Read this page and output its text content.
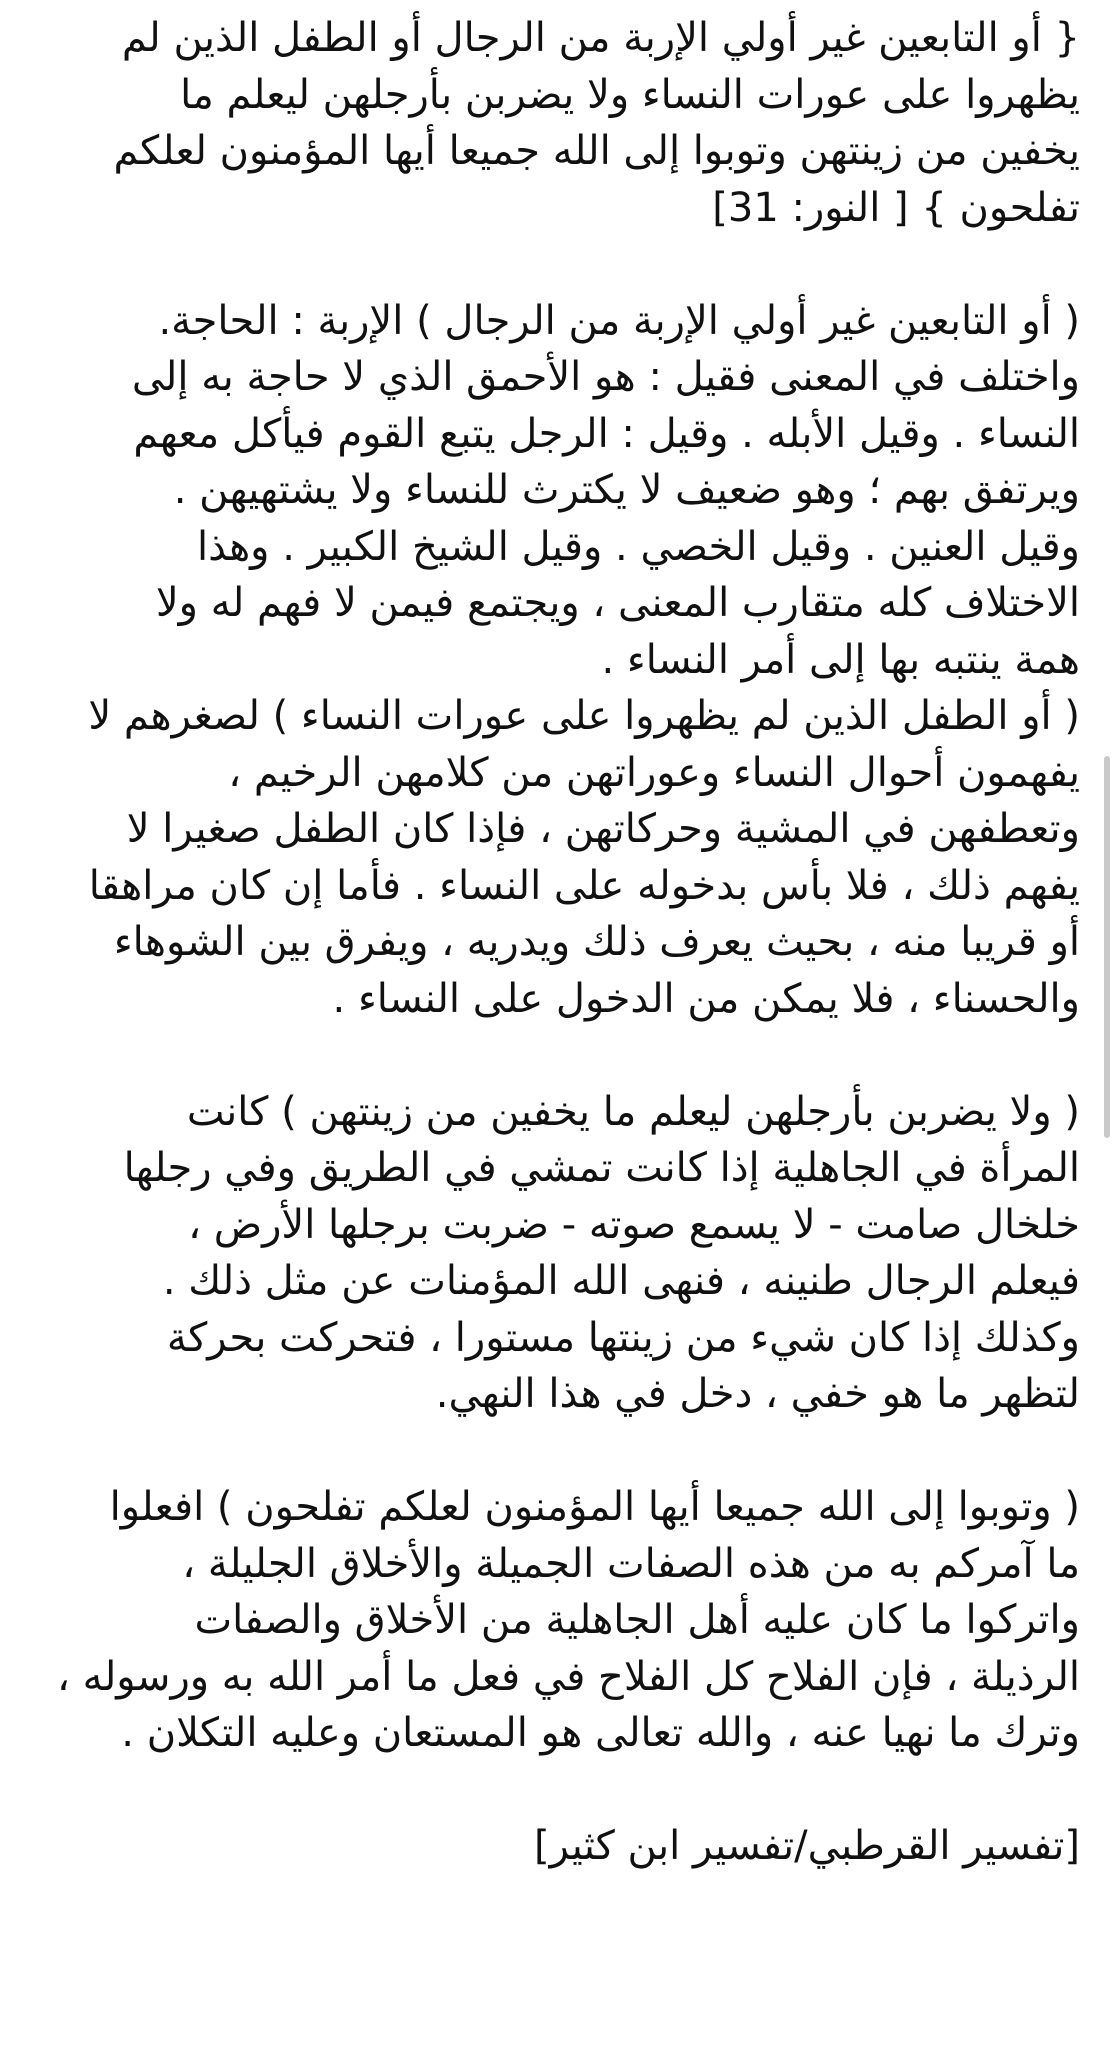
{ أو التابعين غير أولي الإربة من الرجال أو الطفل الذين لم
يظهروا على عورات النساء ولا يضربن بأرجلهن ليعلم ما
يخفين من زينتهن وتوبوا إلى الله جميعا أيها المؤمنون لعلكم
تفلحون } [ النور: 31]
( أو التابعين غير أولي الإربة من الرجال ) الإربة : الحاجة.
واختلف في المعنى فقيل : هو الأحمق الذي لا حاجة به إلى
النساء . وقيل الأبله . وقيل : الرجل يتبع القوم فيأكل معهم
ويرتفق بهم ؛ وهو ضعيف لا يكترث للنساء ولا يشتهيهن .
وقيل العنين . وقيل الخصي . وقيل الشيخ الكبير . وهذا
الاختلاف كله متقارب المعنى ، ويجتمع فيمن لا فهم له ولا
همة ينتبه بها إلى أمر النساء .
( أو الطفل الذين لم يظهروا على عورات النساء ) لصغرهم لا
يفهمون أحوال النساء وعوراتهن من كلامهن الرخيم ،
وتعطفهن في المشية وحركاتهن ، فإذا كان الطفل صغيرا لا
يفهم ذلك ، فلا بأس بدخوله على النساء . فأما إن كان مراهقا
أو قريبا منه ، بحيث يعرف ذلك ويدريه ، ويفرق بين الشوهاء
والحسناء ، فلا يمكن من الدخول على النساء .
( ولا يضربن بأرجلهن ليعلم ما يخفين من زينتهن ) كانت
المرأة في الجاهلية إذا كانت تمشي في الطريق وفي رجلها
خلخال صامت - لا يسمع صوته - ضربت برجلها الأرض ،
فيعلم الرجال طنينه ، فنهى الله المؤمنات عن مثل ذلك .
وكذلك إذا كان شيء من زينتها مستورا ، فتحركت بحركة
لتظهر ما هو خفي ، دخل في هذا النهي.
( وتوبوا إلى الله جميعا أيها المؤمنون لعلكم تفلحون ) افعلوا
ما آمركم به من هذه الصفات الجميلة والأخلاق الجليلة ،
واتركوا ما كان عليه أهل الجاهلية من الأخلاق والصفات
الرذيلة ، فإن الفلاح كل الفلاح في فعل ما أمر الله به ورسوله ،
وترك ما نهيا عنه ، والله تعالى هو المستعان وعليه التكلان .
[تفسير القرطبي/تفسير ابن كثير]
